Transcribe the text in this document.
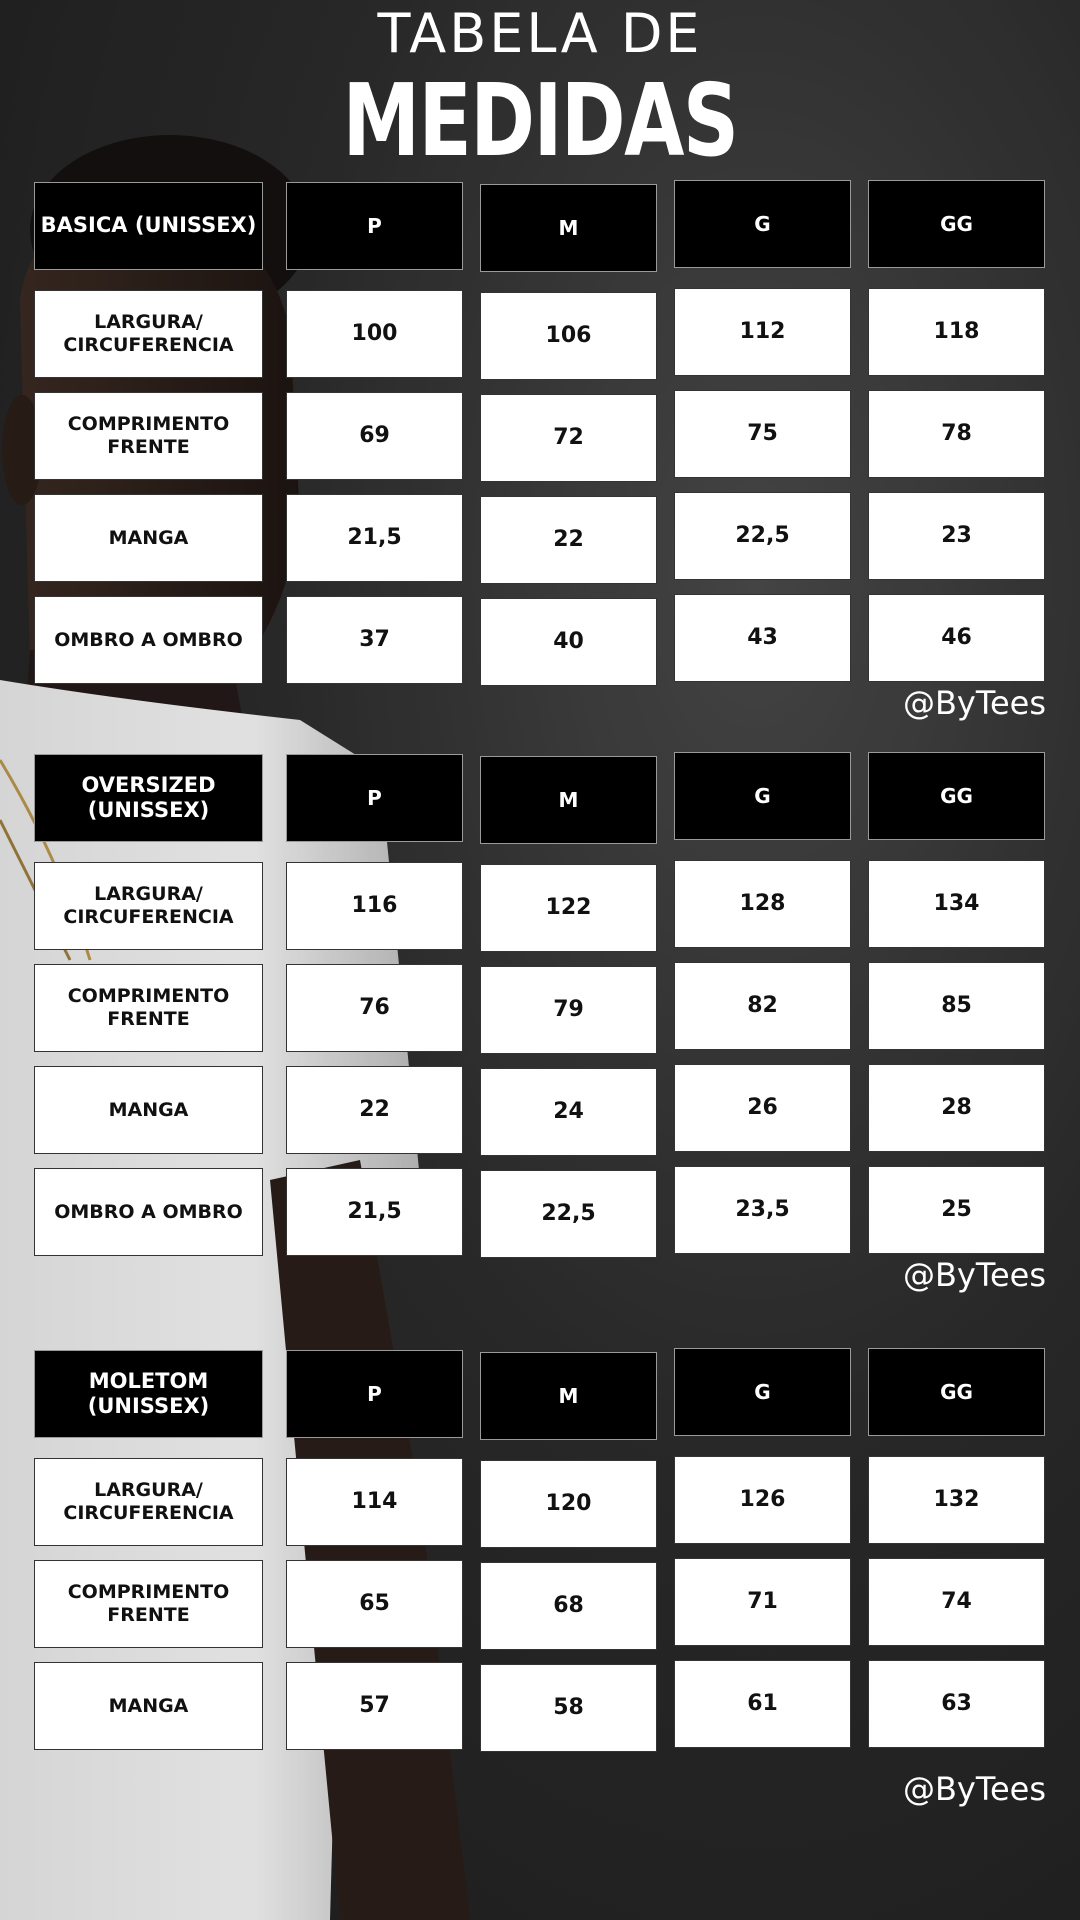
TABELA DE
MEDIDAS
BASICA (UNISSEX)	P	M	G	GG
LARGURA/
CIRCUFERENCIA	100	106	112	118
COMPRIMENTO
FRENTE	69	72	75	78
MANGA	21,5	22	22,5	23
OMBRO A OMBRO	37	40	43	46
@ByTees
OVERSIZED
(UNISSEX)	P	M	G	GG
LARGURA/
CIRCUFERENCIA	116	122	128	134
COMPRIMENTO
FRENTE	76	79	82	85
MANGA	22	24	26	28
OMBRO A OMBRO	21,5	22,5	23,5	25
@ByTees
MOLETOM
(UNISSEX)	P	M	G	GG
LARGURA/
CIRCUFERENCIA	114	120	126	132
COMPRIMENTO
FRENTE	65	68	71	74
MANGA	57	58	61	63
@ByTees
